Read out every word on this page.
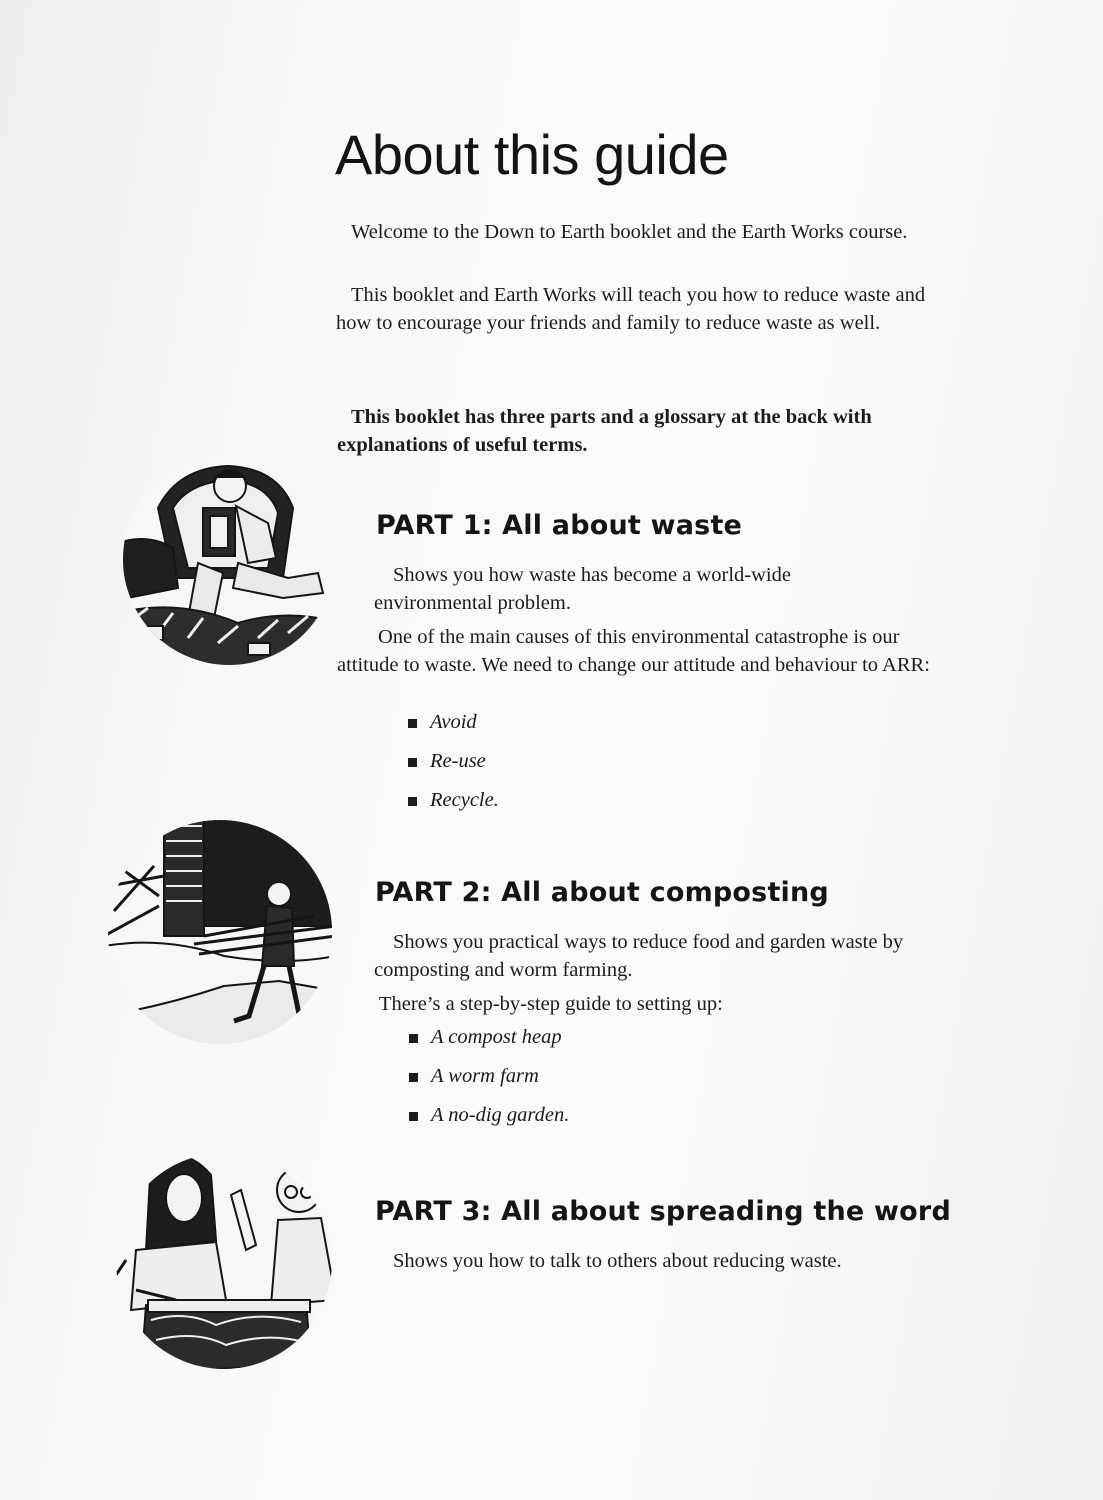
About this guide

Welcome to the Down to Earth booklet and the Earth Works course.

This booklet and Earth Works will teach you how to reduce waste and how to encourage your friends and family to reduce waste as well.

This booklet has three parts and a glossary at the back with explanations of useful terms.

PART 1: All about waste

Shows you how waste has become a world-wide environmental problem.

One of the main causes of this environmental catastrophe is our attitude to waste. We need to change our attitude and behaviour to ARR:

Avoid
Re-use
Recycle.
PART 2: All about composting

Shows you practical ways to reduce food and garden waste by composting and worm farming.

There’s a step-by-step guide to setting up:

A compost heap
A worm farm
A no-dig garden.
PART 3: All about spreading the word

Shows you how to talk to others about reducing waste.
